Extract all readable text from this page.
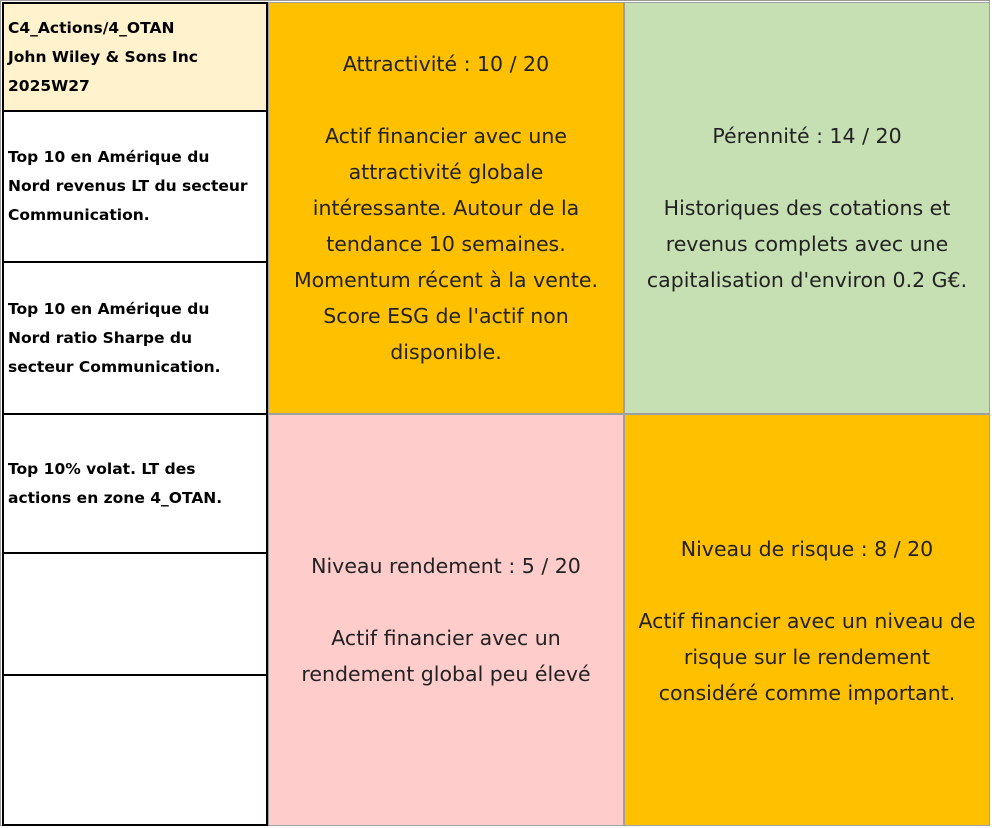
C4_Actions/4_OTAN
John Wiley & Sons Inc
2025W27
Top 10 en Amérique du
Nord revenus LT du secteur
Communication.
Top 10 en Amérique du
Nord ratio Sharpe du
secteur Communication.
Top 10% volat. LT des
actions en zone 4_OTAN.
Attractivité : 10 / 20
Actif financier avec une
attractivité globale
intéressante. Autour de la
tendance 10 semaines.
Momentum récent à la vente.
Score ESG de l'actif non
disponible.
Pérennité : 14 / 20
Historiques des cotations et
revenus complets avec une
capitalisation d'environ 0.2 G€.
Niveau rendement : 5 / 20
Actif financier avec un
rendement global peu élevé
Niveau de risque : 8 / 20
Actif financier avec un niveau de
risque sur le rendement
considéré comme important.
